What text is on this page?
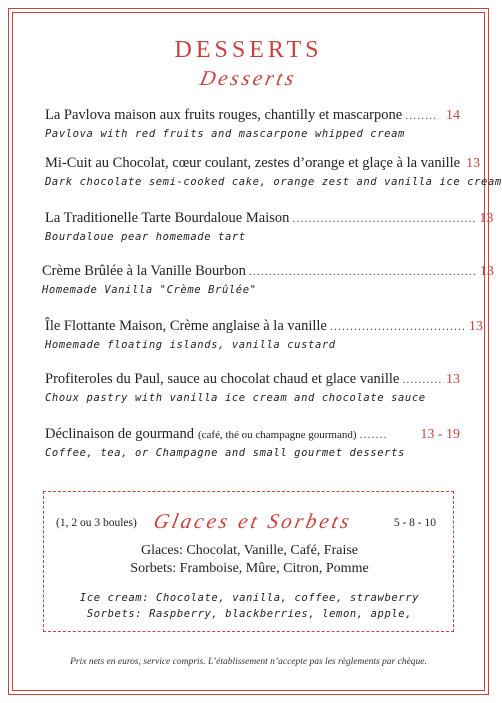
DESSERTS
Desserts
La Pavlova maison aux fruits rouges, chantilly et mascarpone ........ 14
Pavlova with red fruits and mascarpone whipped cream
Mi-Cuit au Chocolat, cœur coulant, zestes d’orange et glaçe à la vanille 13
Dark chocolate semi-cooked cake, orange zest and vanilla ice cream
La Traditionelle Tarte Bourdaloue Maison .............................................. 13
Bourdaloue pear homemade tart
Crème Brûlée à la Vanille Bourbon ......................................................... 13
Homemade Vanilla "Crème Brûlée"
Île Flottante Maison, Crème anglaise à la vanille .................................. 13
Homemade floating islands, vanilla custard
Profiteroles du Paul, sauce au chocolat chaud et glace vanille .......... 13
Choux pastry with vanilla ice cream and chocolate sauce
Déclinaison de gourmand (café, thé ou champagne gourmand) .......	13 - 19
Coffee, tea, or Champagne and small gourmet desserts
(1, 2 ou 3 boules) Glaces et Sorbets	5 - 8 - 10
Glaces: Chocolat, Vanille, Café, Fraise
Sorbets: Framboise, Mûre, Citron, Pomme
Ice cream: Chocolate, vanilla, coffee, strawberry
Sorbets: Raspberry, blackberries, lemon, apple,
Prix nets en euros, service compris. L’établissement n’accepte pas les règlements par chèque.
